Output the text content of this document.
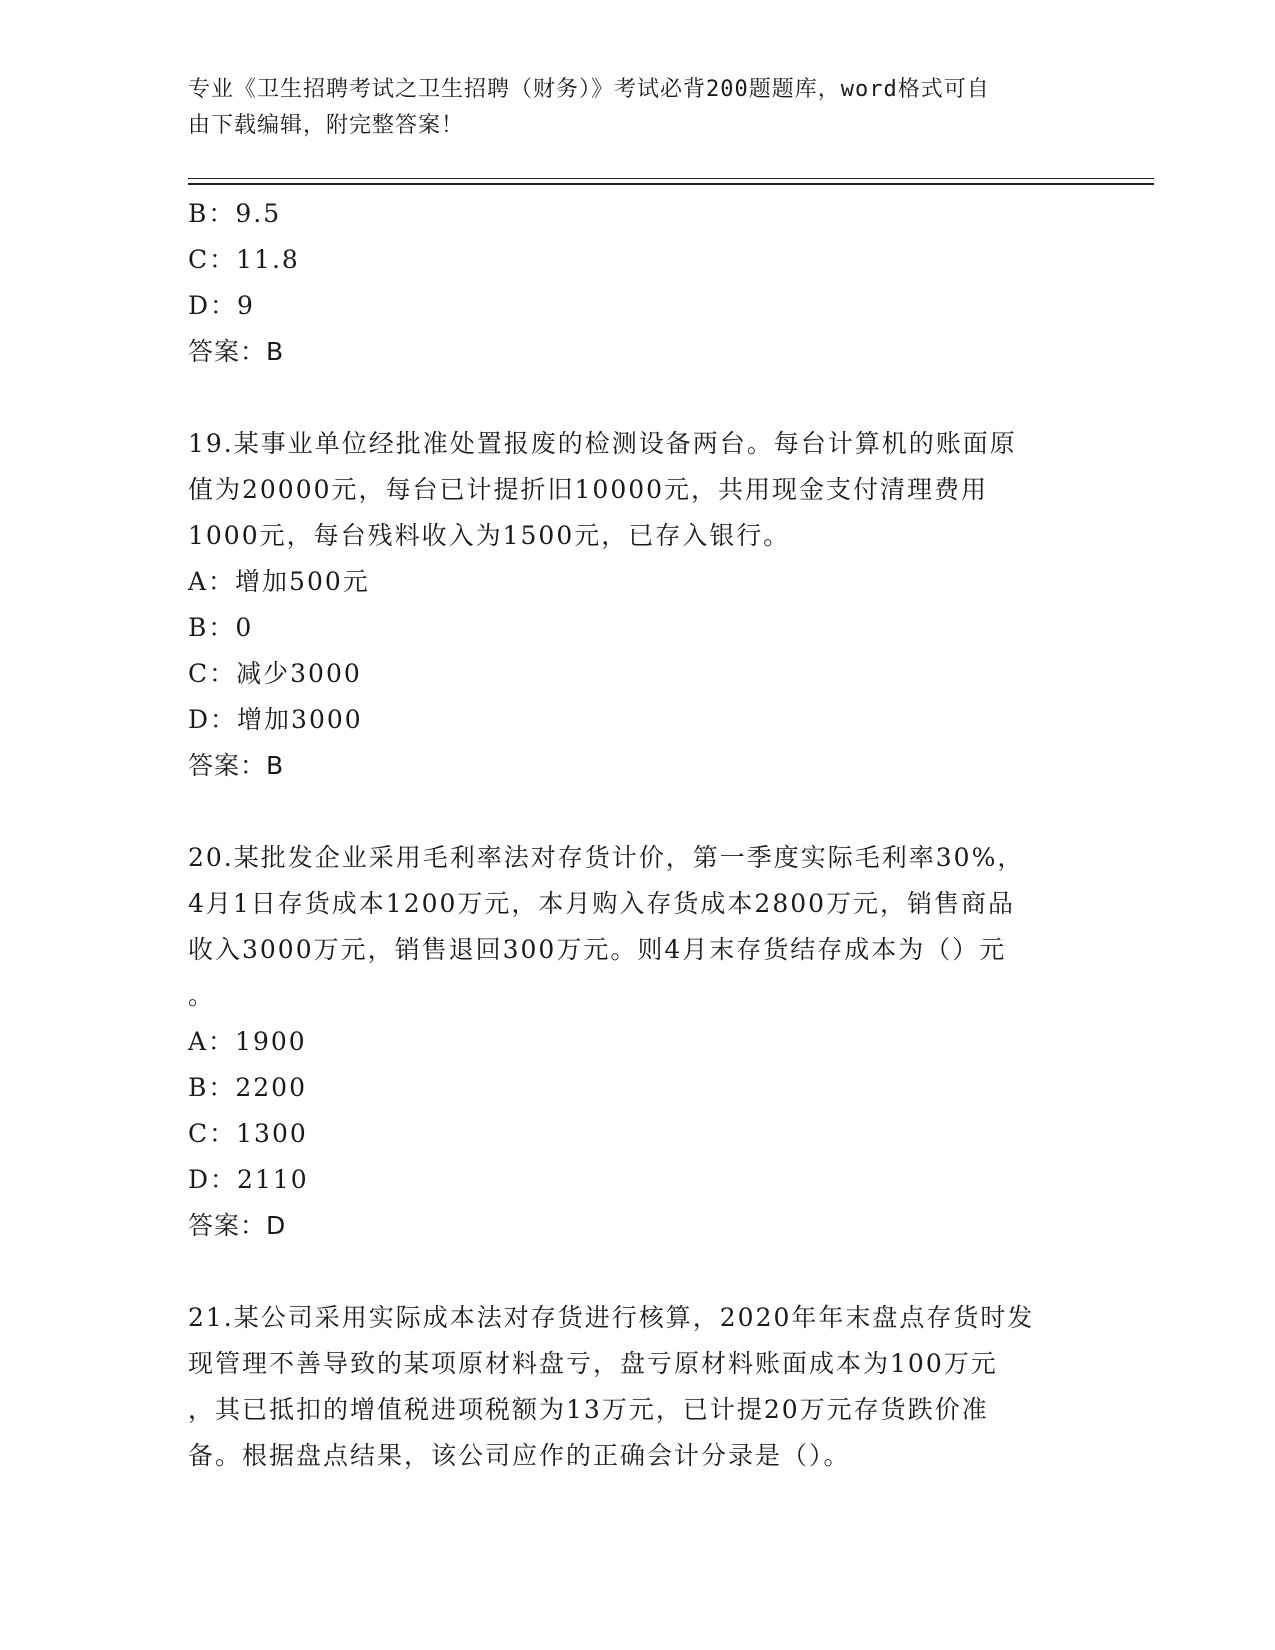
专业《卫生招聘考试之卫生招聘（财务）》考试必背200题题库，word格式可自
由下载编辑，附完整答案！

B：9.5

C：11.8

D：9

答案：B

19.某事业单位经批准处置报废的检测设备两台。每台计算机的账面原

值为20000元，每台已计提折旧10000元，共用现金支付清理费用

1000元，每台残料收入为1500元，已存入银行。

A：增加500元

B：0

C：减少3000

D：增加3000

答案：B

20.某批发企业采用毛利率法对存货计价，第一季度实际毛利率30%，

4月1日存货成本1200万元，本月购入存货成本2800万元，销售商品

收入3000万元，销售退回300万元。则4月末存货结存成本为（）元

。

A：1900

B：2200

C：1300

D：2110

答案：D

21.某公司采用实际成本法对存货进行核算，2020年年末盘点存货时发

现管理不善导致的某项原材料盘亏，盘亏原材料账面成本为100万元

，其已抵扣的增值税进项税额为13万元，已计提20万元存货跌价准

备。根据盘点结果，该公司应作的正确会计分录是（）。
